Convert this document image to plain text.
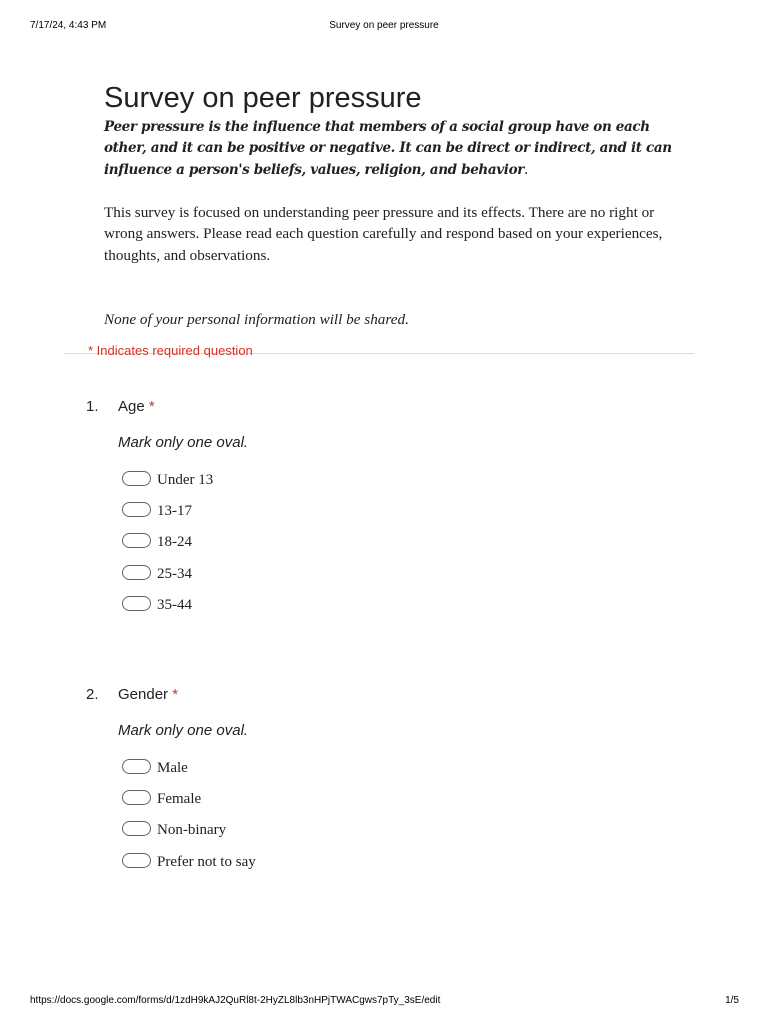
7/17/24, 4:43 PM	Survey on peer pressure
Survey on peer pressure
Peer pressure is the influence that members of a social group have on each other, and it can be positive or negative. It can be direct or indirect, and it can influence a person's beliefs, values, religion, and behavior.
This survey is focused on understanding peer pressure and its effects. There are no right or wrong answers. Please read each question carefully and respond based on your experiences, thoughts, and observations.
None of your personal information will be shared.
* Indicates required question
1. Age *
Mark only one oval.
Under 13
13-17
18-24
25-34
35-44
2. Gender *
Mark only one oval.
Male
Female
Non-binary
Prefer not to say
https://docs.google.com/forms/d/1zdH9kAJ2QuRl8t-2HyZL8lb3nHPjTWACgws7pTy_3sE/edit	1/5
